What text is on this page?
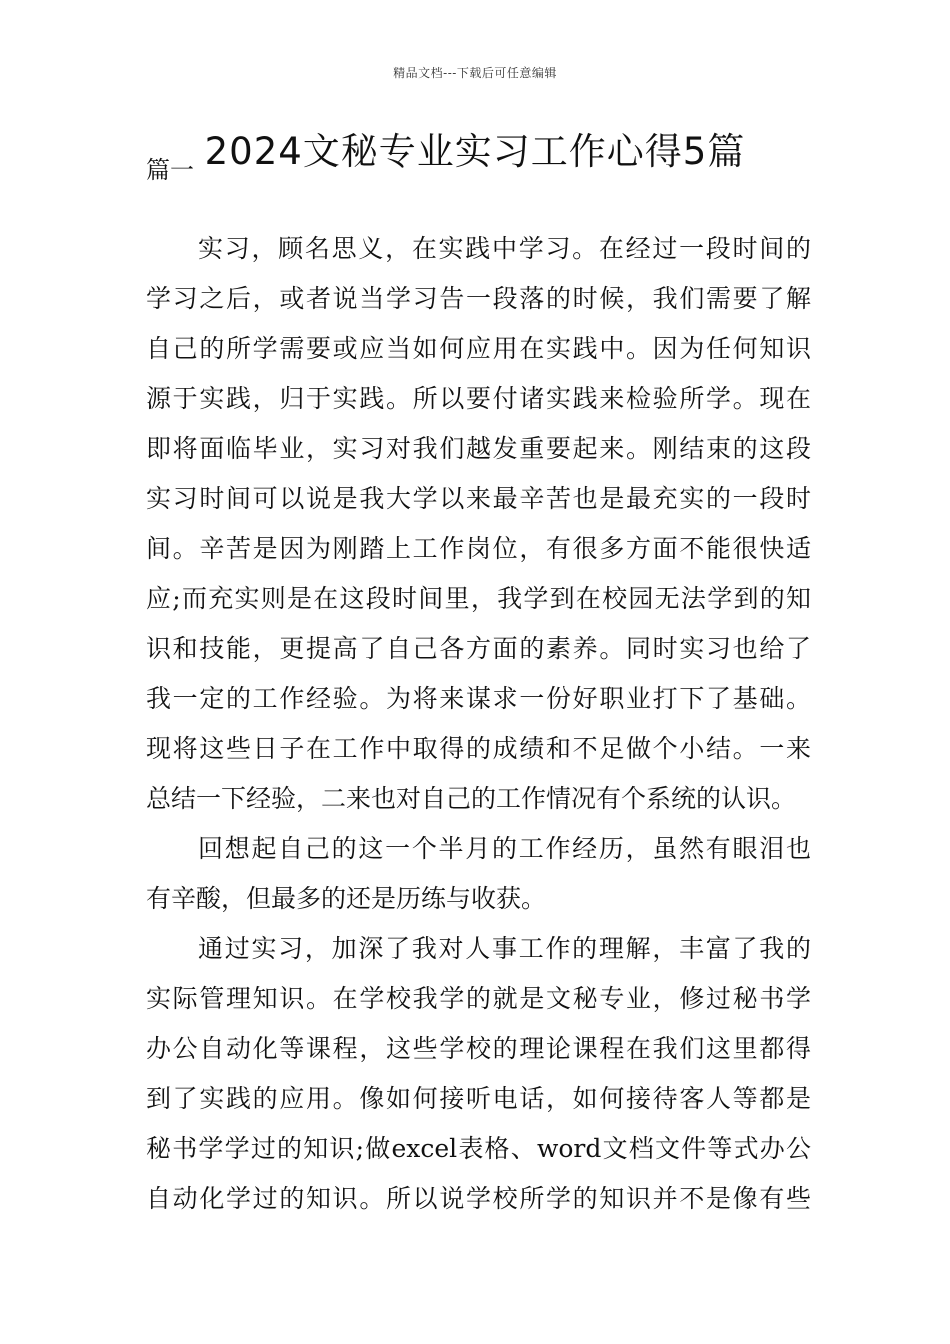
精品文档---下载后可任意编辑
2024文秘专业实习工作心得5篇
篇一

实习，顾名思义，在实践中学习。在经过一段时间的
学习之后，或者说当学习告一段落的时候，我们需要了解
自己的所学需要或应当如何应用在实践中。因为任何知识
源于实践，归于实践。所以要付诸实践来检验所学。现在
即将面临毕业，实习对我们越发重要起来。刚结束的这段
实习时间可以说是我大学以来最辛苦也是最充实的一段时
间。辛苦是因为刚踏上工作岗位，有很多方面不能很快适
应;而充实则是在这段时间里，我学到在校园无法学到的知
识和技能，更提高了自己各方面的素养。同时实习也给了
我一定的工作经验。为将来谋求一份好职业打下了基础。
现将这些日子在工作中取得的成绩和不足做个小结。一来
总结一下经验，二来也对自己的工作情况有个系统的认识。

回想起自己的这一个半月的工作经历，虽然有眼泪也
有辛酸，但最多的还是历练与收获。

通过实习，加深了我对人事工作的理解，丰富了我的
实际管理知识。在学校我学的就是文秘专业，修过秘书学
办公自动化等课程，这些学校的理论课程在我们这里都得
到了实践的应用。像如何接听电话，如何接待客人等都是
秘书学学过的知识;做excel表格、word文档文件等式办公
自动化学过的知识。所以说学校所学的知识并不是像有些
